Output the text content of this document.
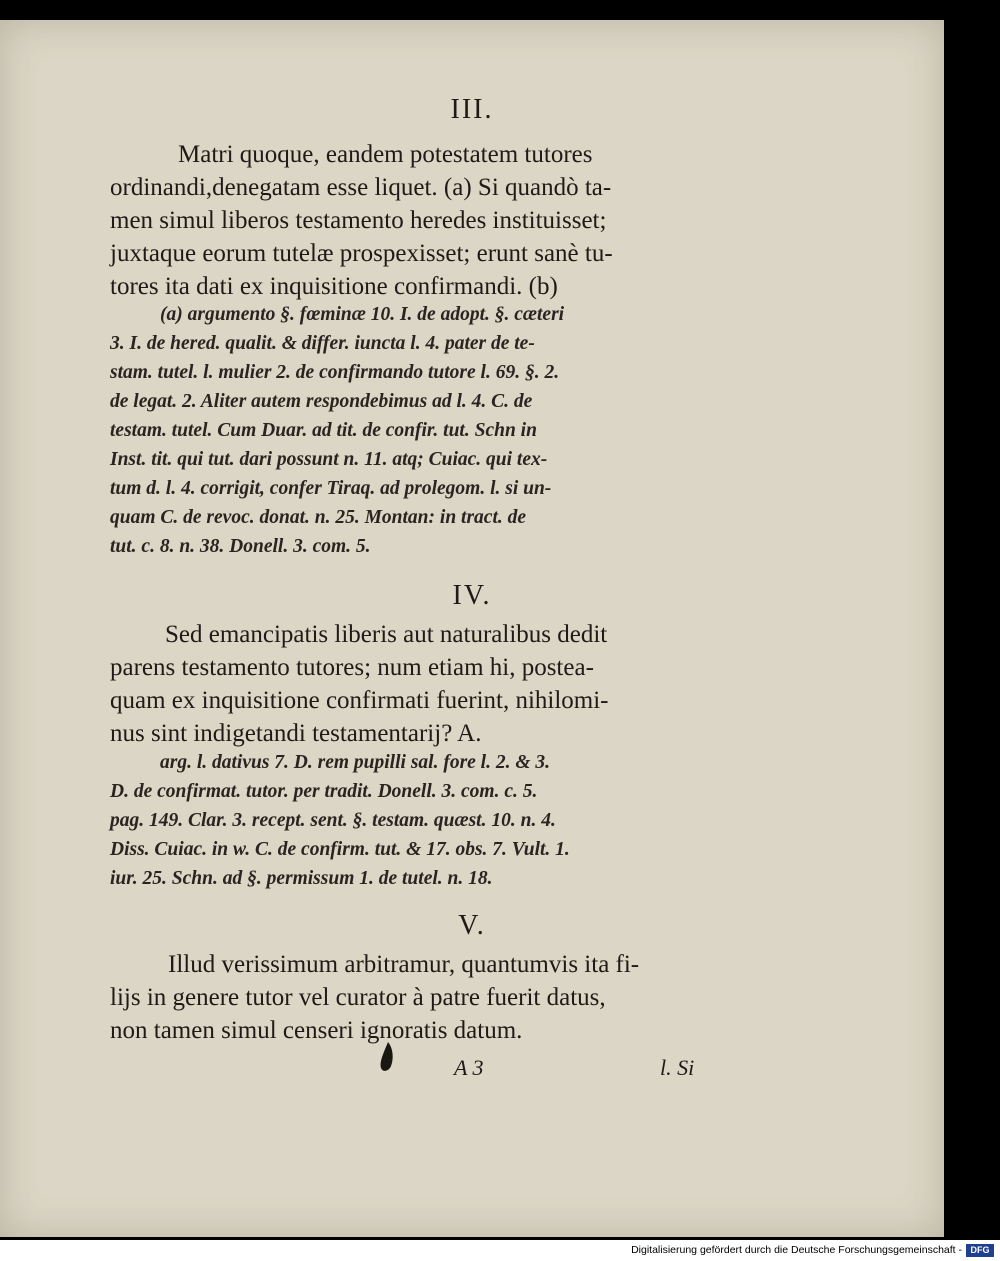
III.
Matri quoque, eandem potestatem tutores
ordinandi,denegatam esse liquet. (a) Si quandò ta-
men simul liberos testamento heredes instituisset;
juxtaque eorum tutelæ prospexisset; erunt sanè tu-
tores ita dati ex inquisitione confirmandi. (b)
(a) argumento §. fœminæ 10. I. de adopt. §. cæteri
3. I. de hered. qualit. & differ. iuncta l. 4. pater de te-
stam. tutel. l. mulier 2. de confirmando tutore l. 69. §. 2.
de legat. 2. Aliter autem respondebimus ad l. 4. C. de
testam. tutel. Cum Duar. ad tit. de confir. tut. Schn in
Inst. tit. qui tut. dari possunt n. 11. atq; Cuiac. qui tex-
tum d. l. 4. corrigit, confer Tiraq. ad prolegom. l. si un-
quam C. de revoc. donat. n. 25. Montan: in tract. de
tut. c. 8. n. 38. Donell. 3. com. 5.
IV.
Sed emancipatis liberis aut naturalibus dedit
parens testamento tutores; num etiam hi, postea-
quam ex inquisitione confirmati fuerint, nihilomi-
nus sint indigetandi testamentarij? A.
arg. l. dativus 7. D. rem pupilli sal. fore l. 2. & 3.
D. de confirmat. tutor. per tradit. Donell. 3. com. c. 5.
pag. 149. Clar. 3. recept. sent. §. testam. quæst. 10. n. 4.
Diss. Cuiac. in w. C. de confirm. tut. & 17. obs. 7. Vult. 1.
iur. 25. Schn. ad §. permissum 1. de tutel. n. 18.
V.
Illud verissimum arbitramur, quantumvis ita fi-
lijs in genere tutor vel curator à patre fuerit datus,
non tamen simul censeri ignoratis datum.
A 3	l. Si
Digitalisierung gefördert durch die Deutsche Forschungsgemeinschaft - DFG
